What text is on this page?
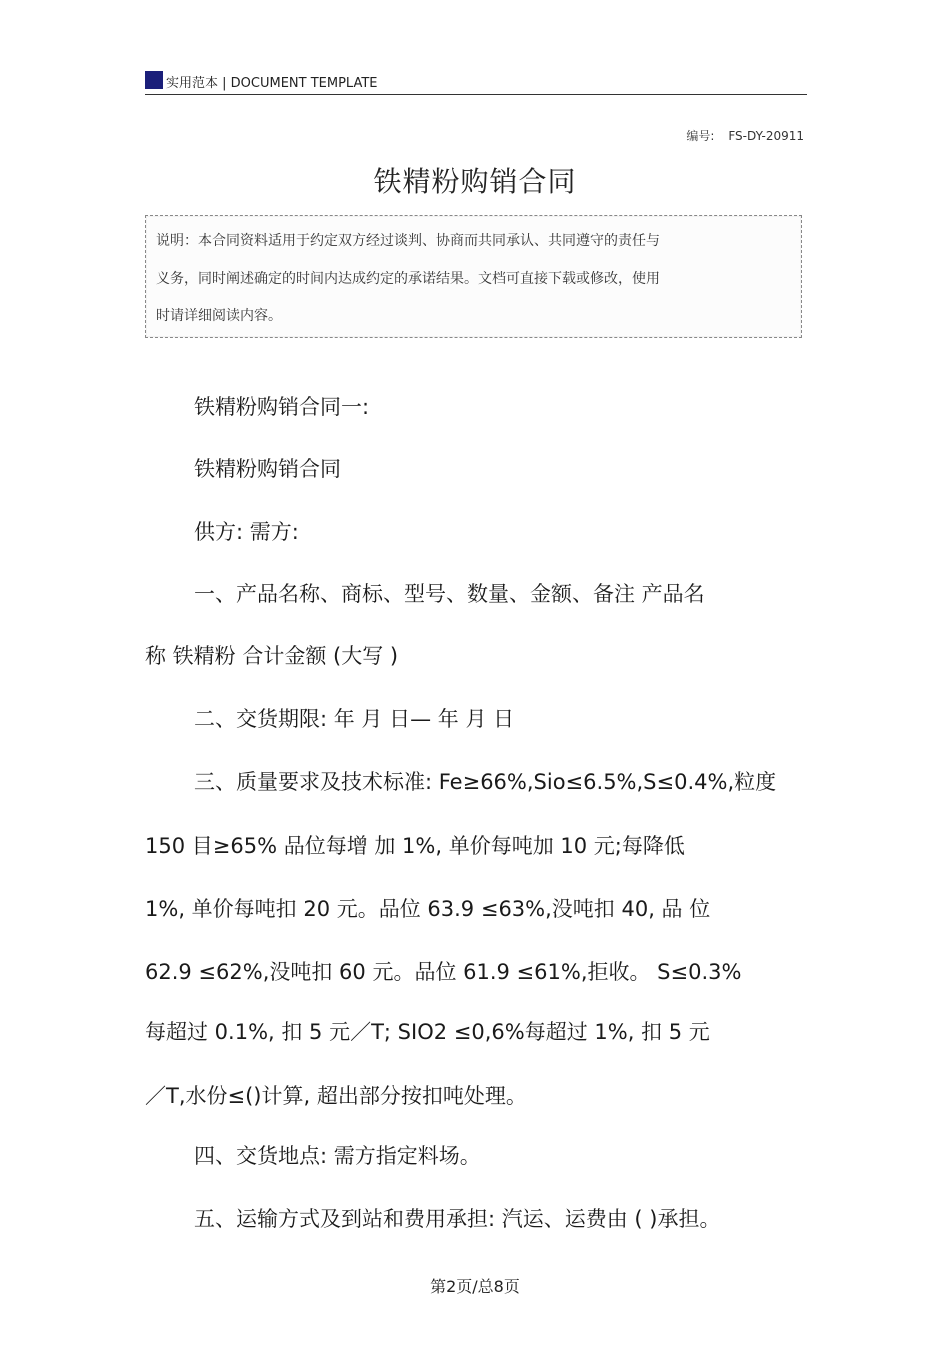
实用范本 | DOCUMENT TEMPLATE
编号: FS-DY-20911
铁精粉购销合同
说明：本合同资料适用于约定双方经过谈判、协商而共同承认、共同遵守的责任与
义务，同时阐述确定的时间内达成约定的承诺结果。文档可直接下载或修改，使用
时请详细阅读内容。
铁精粉购销合同一:
铁精粉购销合同
供方: 需方:
一、产品名称、商标、型号、数量、金额、备注 产品名
称 铁精粉 合计金额 (大写 )
二、交货期限: 年 月 日— 年 月 日
三、质量要求及技术标准: Fe≥66%,Sio≤6.5%,S≤0.4%,粒度
150 目≥65% 品位每增 加 1%, 单价每吨加 10 元;每降低
1%, 单价每吨扣 20 元。品位 63.9 ≤63%,没吨扣 40, 品 位
62.9 ≤62%,没吨扣 60 元。品位 61.9 ≤61%,拒收。 S≤0.3%
每超过 0.1%, 扣 5 元／T; SIO2 ≤0,6%每超过 1%, 扣 5 元
／T,水份≤()计算, 超出部分按扣吨处理。
四、交货地点: 需方指定料场。
五、运输方式及到站和费用承担: 汽运、运费由 ( )承担。
第2页/总8页
